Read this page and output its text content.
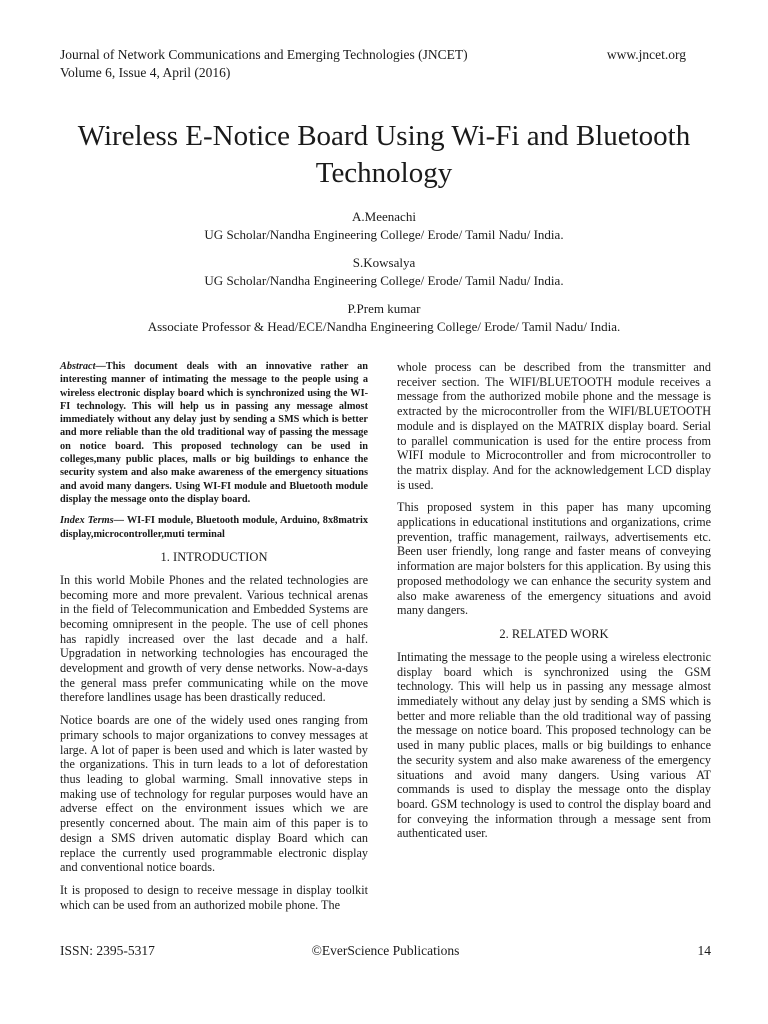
Journal of Network Communications and Emerging Technologies (JNCET)
Volume 6, Issue 4, April (2016)
www.jncet.org
Wireless E-Notice Board Using Wi-Fi and Bluetooth
Technology
A.Meenachi
UG Scholar/Nandha Engineering College/ Erode/ Tamil Nadu/ India.
S.Kowsalya
UG Scholar/Nandha Engineering College/ Erode/ Tamil Nadu/ India.
P.Prem kumar
Associate Professor & Head/ECE/Nandha Engineering College/ Erode/ Tamil Nadu/ India.

Abstract—This document deals with an innovative rather an interesting manner of intimating the message to the people using a wireless electronic display board which is synchronized using the WI-FI technology. This will help us in passing any message almost immediately without any delay just by sending a SMS which is better and more reliable than the old traditional way of passing the message on notice board. This proposed technology can be used in colleges,many public places, malls or big buildings to enhance the security system and also make awareness of the emergency situations and avoid many dangers. Using WI-FI module and Bluetooth module display the message onto the display board.

Index Terms— WI-FI module, Bluetooth module, Arduino, 8x8matrix display,microcontroller,muti terminal

1. INTRODUCTION

In this world Mobile Phones and the related technologies are becoming more and more prevalent. Various technical arenas in the field of Telecommunication and Embedded Systems are becoming omnipresent in the people. The use of cell phones has rapidly increased over the last decade and a half. Upgradation in networking technologies has encouraged the development and growth of very dense networks. Now-a-days the general mass prefer communicating while on the move therefore landlines usage has been drastically reduced.

Notice boards are one of the widely used ones ranging from primary schools to major organizations to convey messages at large. A lot of paper is been used and which is later wasted by the organizations. This in turn leads to a lot of deforestation thus leading to global warming. Small innovative steps in making use of technology for regular purposes would have an adverse effect on the environment issues which we are presently concerned about. The main aim of this paper is to design a SMS driven automatic display Board which can replace the currently used programmable electronic display and conventional notice boards.

It is proposed to design to receive message in display toolkit which can be used from an authorized mobile phone. The

whole process can be described from the transmitter and receiver section. The WIFI/BLUETOOTH module receives a message from the authorized mobile phone and the message is extracted by the microcontroller from the WIFI/BLUETOOTH module and is displayed on the MATRIX display board. Serial to parallel communication is used for the entire process from WIFI module to Microcontroller and from microcontroller to the matrix display. And for the acknowledgement LCD display is used.

This proposed system in this paper has many upcoming applications in educational institutions and organizations, crime prevention, traffic management, railways, advertisements etc. Been user friendly, long range and faster means of conveying information are major bolsters for this application. By using this proposed methodology we can enhance the security system and also make awareness of the emergency situations and avoid many dangers.

2. RELATED WORK

Intimating the message to the people using a wireless electronic display board which is synchronized using the GSM technology. This will help us in passing any message almost immediately without any delay just by sending a SMS which is better and more reliable than the old traditional way of passing the message on notice board. This proposed technology can be used in many public places, malls or big buildings to enhance the security system and also make awareness of the emergency situations and avoid many dangers. Using various AT commands is used to display the message onto the display board. GSM technology is used to control the display board and for conveying the information through a message sent from authenticated user.

ISSN: 2395-5317	©EverScience Publications	14
